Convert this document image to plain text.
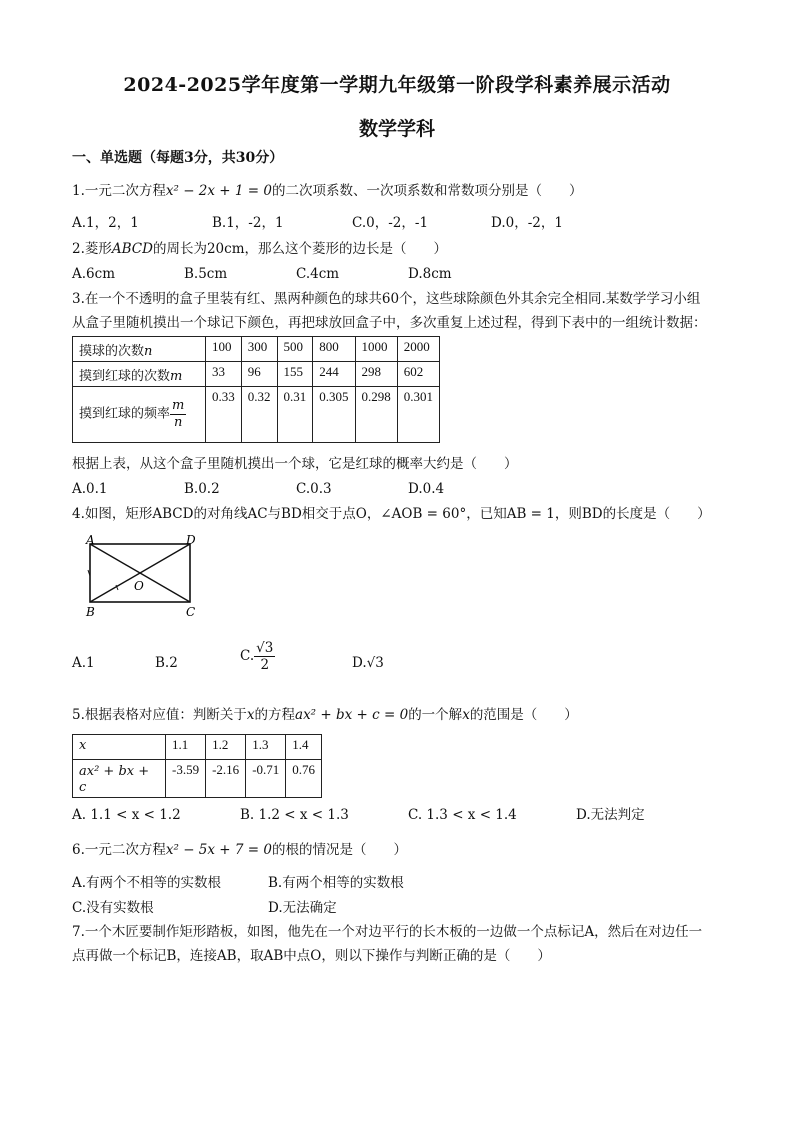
2024-2025学年度第一学期九年级第一阶段学科素养展示活动
数学学科
一、单选题（每题3分，共30分）
1.一元二次方程x² − 2x + 1 = 0的二次项系数、一次项系数和常数项分别是（　　）
A.1，2，1	B.1，-2，1	C.0，-2，-1	D.0，-2，1
2.菱形ABCD的周长为20cm，那么这个菱形的边长是（　　）
A.6cm	B.5cm	C.4cm	D.8cm
3.在一个不透明的盒子里装有红、黑两种颜色的球共60个，这些球除颜色外其余完全相同.某数学学习小组
从盒子里随机摸出一个球记下颜色，再把球放回盒子中，多次重复上述过程，得到下表中的一组统计数据：
摸球的次数n	100	300	500	800	1000	2000
摸到红球的次数m	33	96	155	244	298	602
摸到红球的频率 $\frac{m}{n}$	0.33	0.32	0.31	0.305	0.298	0.301
根据上表，从这个盒子里随机摸出一个球，它是红球的概率大约是（　　）
A.0.1	B.0.2	C.0.3	D.0.4
4.如图，矩形ABCD的对角线AC与BD相交于点O，∠AOB = 60°，已知AB = 1，则BD的长度是（　　）
A	D
B	C
O
A.1	B.2	C. $\frac{√3}{2}$	D.√3
5.根据表格对应值：判断关于x的方程ax² + bx + c = 0的一个解x的范围是（　　）
x	1.1	1.2	1.3	1.4
ax² + bx + c	-3.59	-2.16	-0.71	0.76
A. 1.1 < x < 1.2	B. 1.2 < x < 1.3	C. 1.3 < x < 1.4	D.无法判定
6.一元二次方程x² − 5x + 7 = 0的根的情况是（　　）
A.有两个不相等的实数根	B.有两个相等的实数根
C.没有实数根	D.无法确定
7.一个木匠要制作矩形踏板，如图，他先在一个对边平行的长木板的一边做一个点标记A，然后在对边任一
点再做一个标记B，连接AB，取AB中点O，则以下操作与判断正确的是（　　）
